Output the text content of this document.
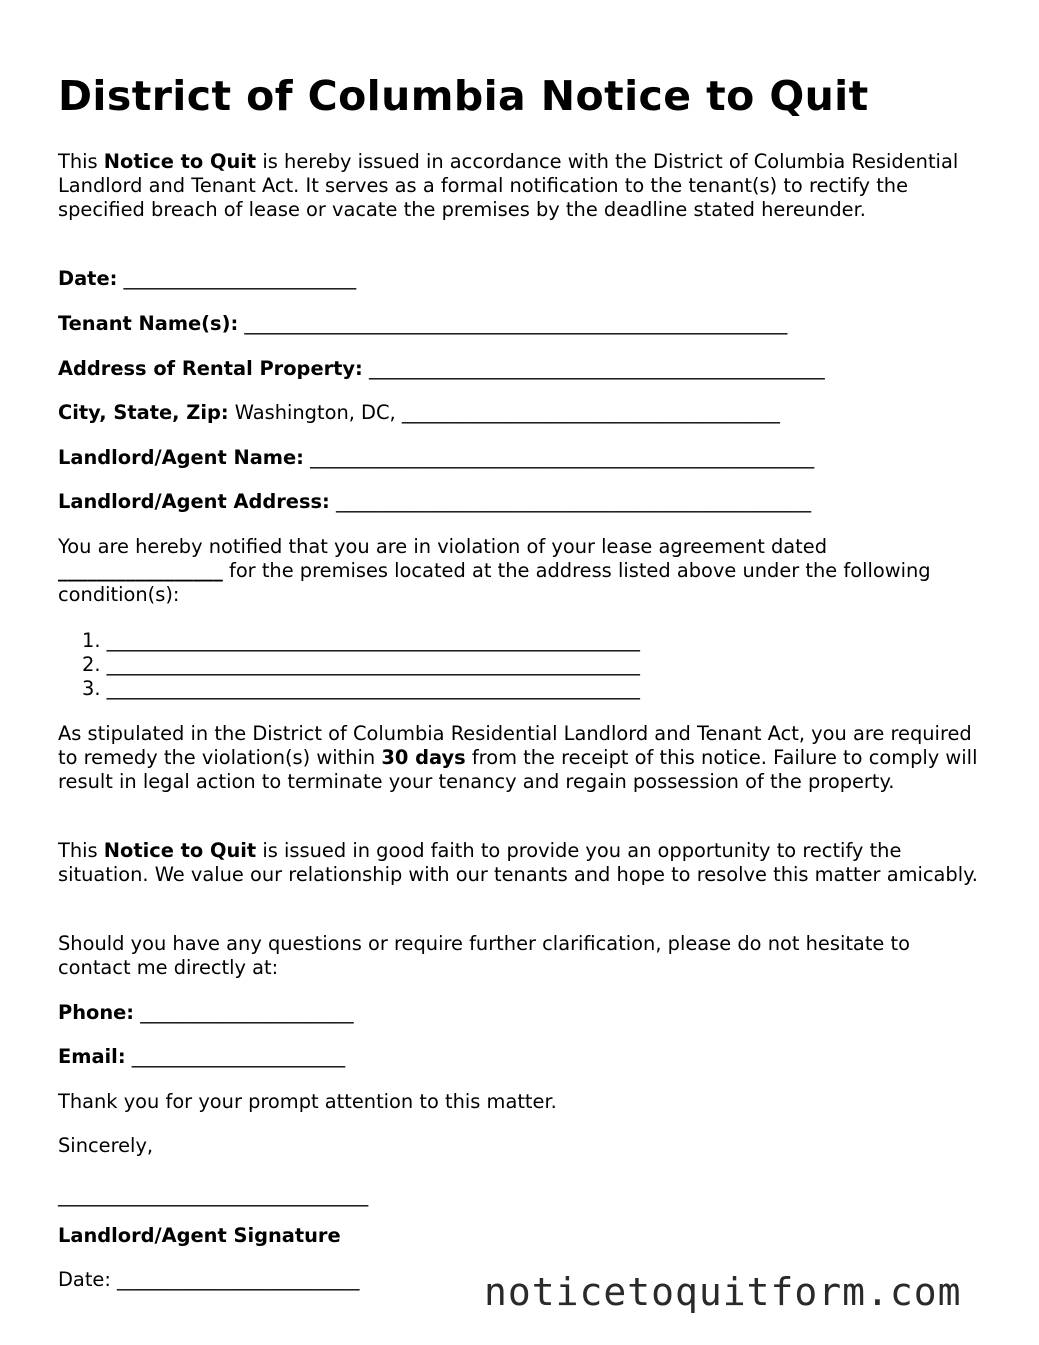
District of Columbia Notice to Quit

This Notice to Quit is hereby issued in accordance with the District of Columbia Residential Landlord and Tenant Act. It serves as a formal notification to the tenant(s) to rectify the specified breach of lease or vacate the premises by the deadline stated hereunder.

Date: ________________________

Tenant Name(s): ________________________________________________________

Address of Rental Property: _______________________________________________

City, State, Zip: Washington, DC, _______________________________________

Landlord/Agent Name: ____________________________________________________

Landlord/Agent Address: _________________________________________________

You are hereby notified that you are in violation of your lease agreement dated

_________________ for the premises located at the address listed above under the following

condition(s):

1. _______________________________________________________
2. _______________________________________________________
3. _______________________________________________________

As stipulated in the District of Columbia Residential Landlord and Tenant Act, you are required to remedy the violation(s) within 30 days from the receipt of this notice. Failure to comply will result in legal action to terminate your tenancy and regain possession of the property.

This Notice to Quit is issued in good faith to provide you an opportunity to rectify the situation. We value our relationship with our tenants and hope to resolve this matter amicably.

Should you have any questions or require further clarification, please do not hesitate to contact me directly at:

Phone: ______________________

Email: ______________________

Thank you for your prompt attention to this matter.

Sincerely,

________________________________

Landlord/Agent Signature

Date: _________________________	noticetoquitform.com
